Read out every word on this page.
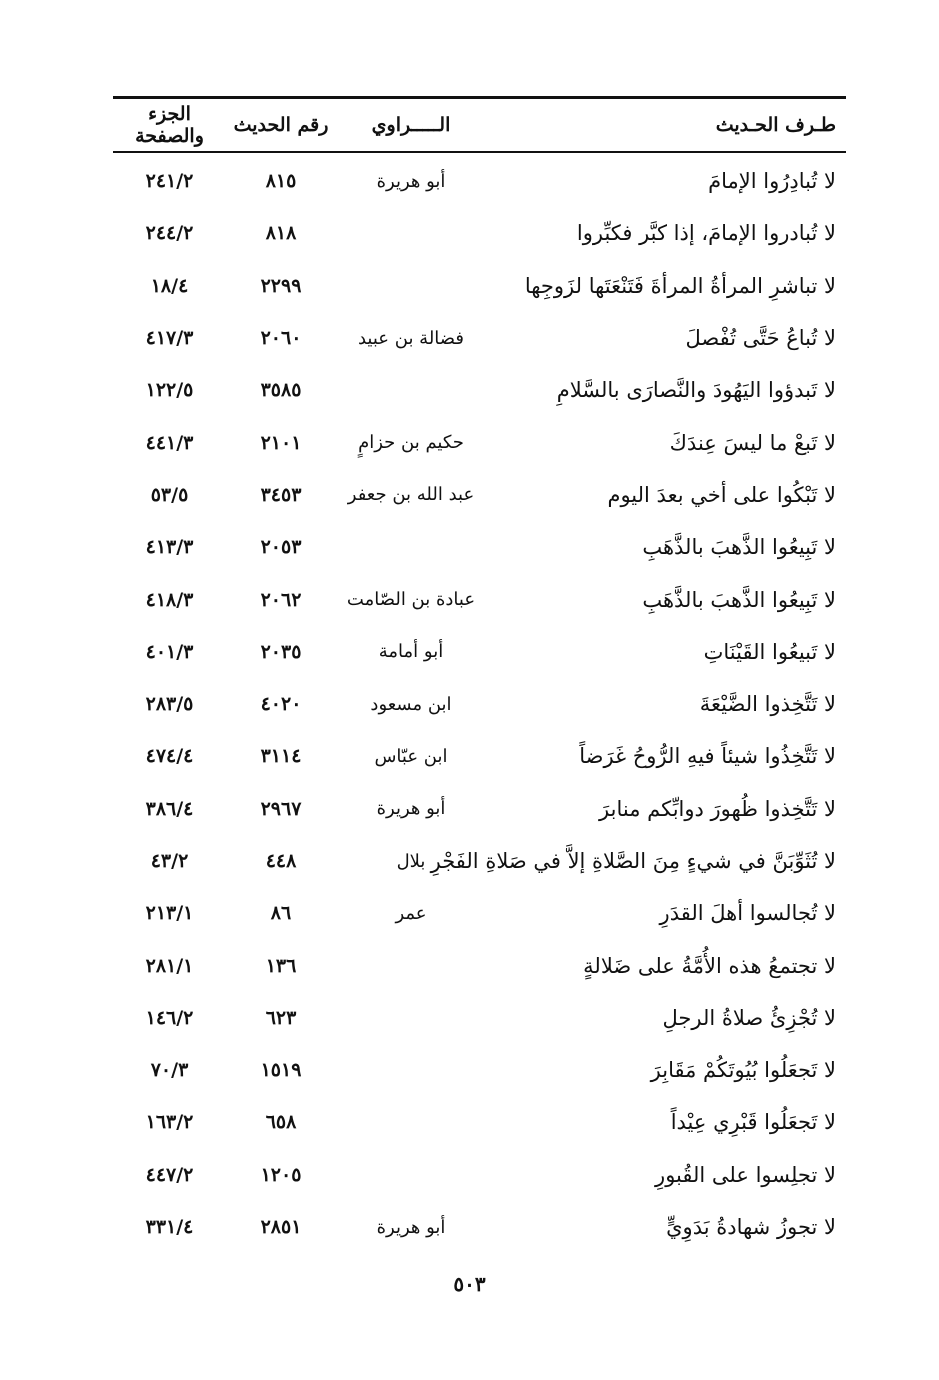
طـرف الحـديث
الـــــراوي
رقم الحديث
الجزء والصفحة
لا تُبادِرُوا الإمامَ
أبو هريرة
٨١٥
٢٤١/٢
لا تُبادروا الإمامَ، إذا كبَّر فكبِّروا
٨١٨
٢٤٤/٢
لا تباشرِ المرأةُ المرأةَ فَتَنْعَتَها لزَوجِها
٢٢٩٩
١٨/٤
لا تُباعُ حَتَّى تُفْصلَ
فضالة بن عبيد
٢٠٦٠
٤١٧/٣
لا تَبدؤوا اليَهُودَ والنَّصارَى بالسَّلامِ
٣٥٨٥
١٢٢/٥
لا تَبعْ ما ليسَ عِندَكَ
حكيم بن حزامٍ
٢١٠١
٤٤١/٣
لا تَبْكُوا على أخي بعدَ اليوم
عبد الله بن جعفر
٣٤٥٣
٥٣/٥
لا تَبِيعُوا الذَّهبَ بالذَّهَبِ
٢٠٥٣
٤١٣/٣
لا تَبِيعُوا الذَّهبَ بالذَّهَبِ
عبادة بن الصّامت
٢٠٦٢
٤١٨/٣
لا تَبيعُوا القَيْنَاتِ
أبو أمامة
٢٠٣٥
٤٠١/٣
لا تَتَّخِذوا الضَّيْعَةَ
ابن مسعود
٤٠٢٠
٢٨٣/٥
لا تَتَّخِذُوا شيئاً فيهِ الرُّوحُ غَرَضاً
ابن عبّاس
٣١١٤
٤٧٤/٤
لا تَتَّخِذوا ظُهورَ دوابِّكم منابرَ
أبو هريرة
٢٩٦٧
٣٨٦/٤
لا تُثَوِّبَنَّ في شيءٍ مِنَ الصَّلاةِ إلاَّ في صَلاةِ الفَجْرِ
بلال
٤٤٨
٤٣/٢
لا تُجالسوا أهلَ القدَرِ
عمر
٨٦
٢١٣/١
لا تجتمعُ هذه الأُمَّةُ على ضَلالةٍ
١٣٦
٢٨١/١
لا تُجْزِئُ صلاةُ الرجلِ
٦٢٣
١٤٦/٢
لا تَجعَلُوا بُيُوتَكُمْ مَقَابِرَ
١٥١٩
٧٠/٣
لا تَجعَلُوا قَبْرِي عِيْداً
٦٥٨
١٦٣/٢
لا تجلِسوا على القُبورِ
١٢٠٥
٤٤٧/٢
لا تجوزُ شهادةُ بَدَوِيٍّ
أبو هريرة
٢٨٥١
٣٣١/٤
٥٠٣
